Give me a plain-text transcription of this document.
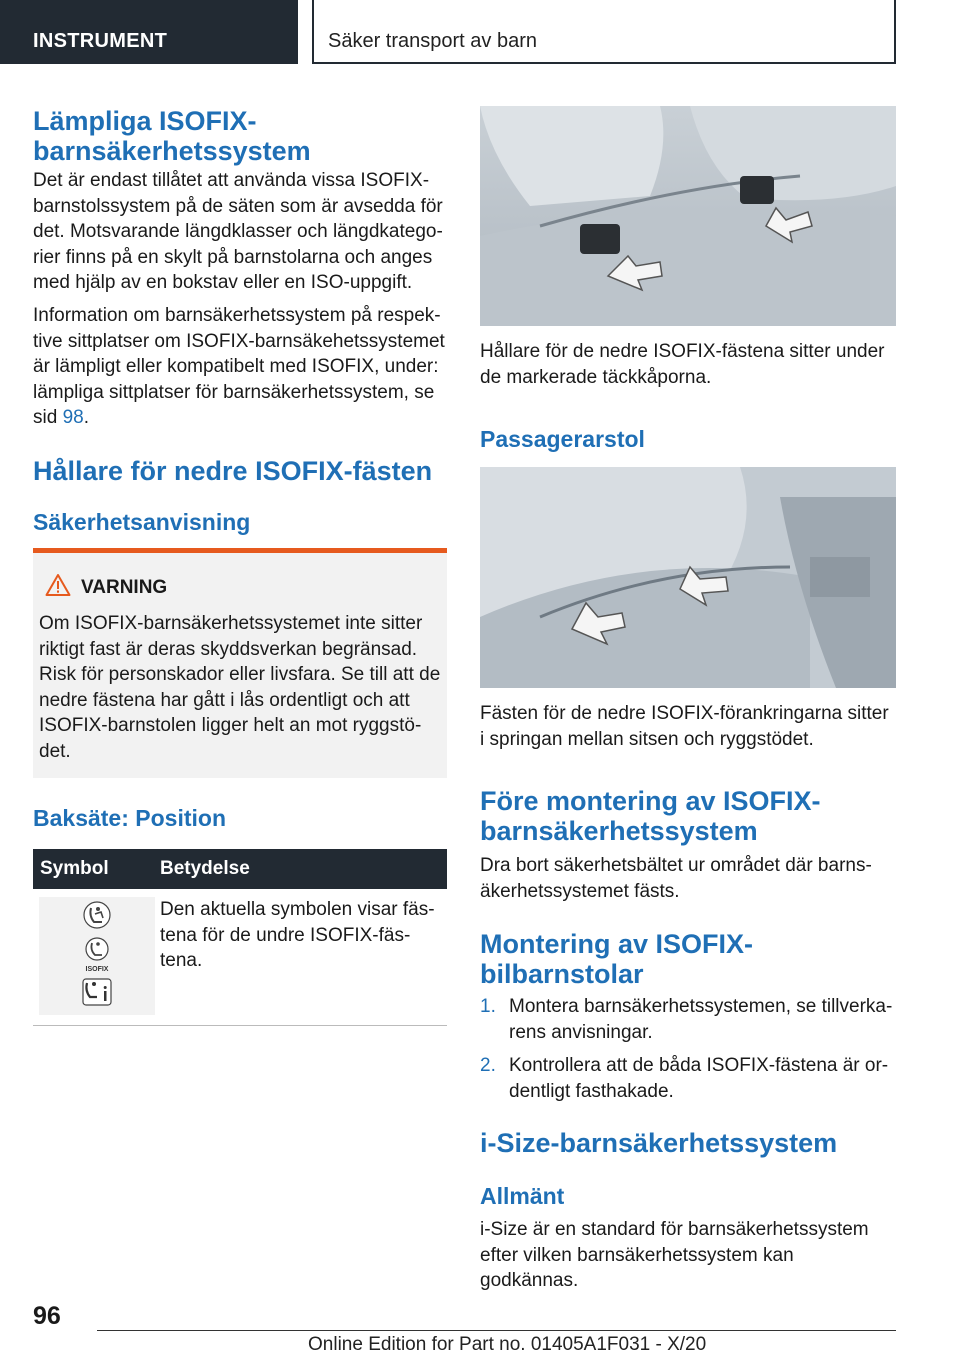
INSTRUMENT	Säker transport av barn
Lämpliga ISOFIX-barnsäkerhetssystem

Det är endast tillåtet att använda vissa ISOFIX-barnstolssystem på de säten som är avsedda för det. Motsvarande längdklasser och längdkatego-rier finns på en skylt på barnstolarna och anges med hjälp av en bokstav eller en ISO-uppgift.

Information om barnsäkerhetssystem på respek-tive sittplatser om ISOFIX-barnsäkehetssystemet är lämpligt eller kompatibelt med ISOFIX, under: lämpliga sittplatser för barnsäkerhetssystem, se sid 98.

Hållare för nedre ISOFIX-fästen
Säkerhetsanvisning
VARNING
Om ISOFIX-barnsäkerhetssystemet inte sitter riktigt fast är deras skyddsverkan begränsad. Risk för personskador eller livsfara. Se till att de nedre fästena har gått i lås ordentligt och att ISOFIX-barnstolen ligger helt an mot ryggstö-det.
Baksäte: Position
Symbol	Betydelse
ISOFIX
Den aktuella symbolen visar fäs-tena för de undre ISOFIX-fäs-tena.

Hållare för de nedre ISOFIX-fästena sitter under de markerade täckkåporna.

Passagerarstol

Fästen för de nedre ISOFIX-förankringarna sitter i springan mellan sitsen och ryggstödet.

Före montering av ISOFIX-barnsäkerhetssystem

Dra bort säkerhetsbältet ur området där barns-äkerhetssystemet fästs.

Montering av ISOFIX-bilbarnstolar
1. Montera barnsäkerhetssystemen, se tillverka-rens anvisningar.
2. Kontrollera att de båda ISOFIX-fästena är or-dentligt fasthakade.
i-Size-barnsäkerhetssystem
Allmänt

i-Size är en standard för barnsäkerhetssystem efter vilken barnsäkerhetssystem kan godkännas.

96
Online Edition for Part no. 01405A1F031 - X/20
